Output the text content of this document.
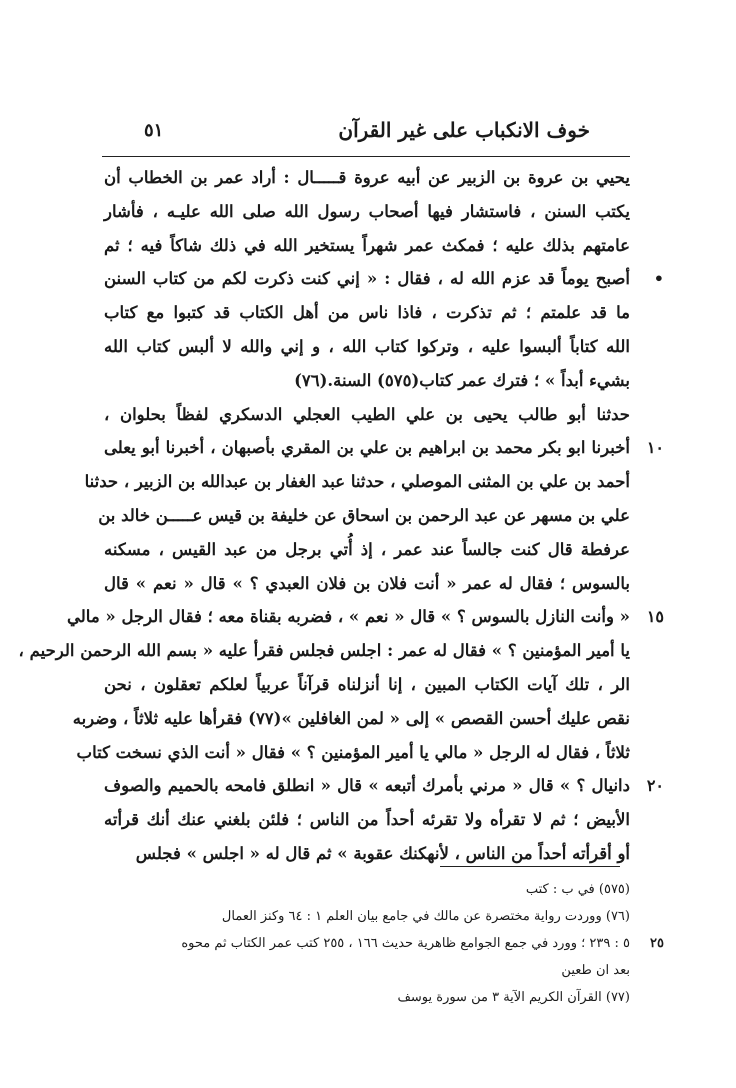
خوف الانكباب على غير القرآن
٥١
يحيي بن عروة بن الزبير عن أبيه عروة قـــــال : أراد عمر بن الخطاب أن
يكتب السنن ، فاستشار فيها أصحاب رسول الله صلى الله عليـه ، فأشار
عامتهم بذلك عليه ؛ فمكث عمر شهراً يستخير الله في ذلك شاكاً فيه ؛ ثم
أصبح يوماً قد عزم الله له ، فقال : « إني كنت ذكرت لكم من كتاب السنن •
ما قد علمتم ؛ ثم تذكرت ، فاذا ناس من أهل الكتاب قد كتبوا مع كتاب
الله كتاباً ألبسوا عليه ، وتركوا كتاب الله ، و إني والله لا ألبس كتاب الله
بشيء أبداً » ؛ فترك عمر كتاب(٥٧٥) السنة.(٧٦)
حدثنا أبو طالب يحيى بن علي الطيب العجلي الدسكري لفظاً بحلوان ،
أخبرنا ابو بكر محمد بن ابراهيم بن علي بن المقري بأصبهان ، أخبرنا أبو يعلى ١٠
أحمد بن علي بن المثنى الموصلي ، حدثنا عبد الغفار بن عبدالله بن الزبير ، حدثنا
علي بن مسهر عن عبد الرحمن بن اسحاق عن خليفة بن قيس عـــــن خالد بن
عرفطة قال كنت جالساً عند عمر ، إذ أُتي برجل من عبد القيس ، مسكنه
بالسوس ؛ فقال له عمر « أنت فلان بن فلان العبدي ؟ » قال « نعم » قال
« وأنت النازل بالسوس ؟ » قال « نعم » ، فضربه بقناة معه ؛ فقال الرجل « مالي ١٥
يا أمير المؤمنين ؟ » فقال له عمر : اجلس فجلس فقرأ عليه « بسم الله الرحمن الرحيم ،
الر ، تلك آيات الكتاب المبين ، إنا أنزلناه قرآناً عربياً لعلكم تعقلون ، نحن
نقص عليك أحسن القصص » إلى « لمن الغافلين »(٧٧) فقرأها عليه ثلاثاً ، وضربه
ثلاثاً ، فقال له الرجل « مالي يا أمير المؤمنين ؟ » فقال « أنت الذي نسخت كتاب
دانيال ؟ » قال « مرني بأمرك أتبعه » قال « انطلق فامحه بالحميم والصوف ٢٠
الأبيض ؛ ثم لا تقرأه ولا تقرئه أحداً من الناس ؛ فلئن بلغني عنك أنك قرأته
أو أقرأته أحداً من الناس ، لأنهكنك عقوبة » ثم قال له « اجلس » فجلس
(٥٧٥) في ب : كتب
(٧٦) ووردت رواية مختصرة عن مالك في جامع بيان العلم ١ : ٦٤ وكنز العمال
٥ : ٢٣٩ ؛ وورد في جمع الجوامع ظاهرية حديث ١٦٦ ، ٢٥٥ كتب عمر الكتاب ثم محوه ٢٥
بعد ان طعين
(٧٧) القرآن الكريم الآية ٣ من سورة يوسف
